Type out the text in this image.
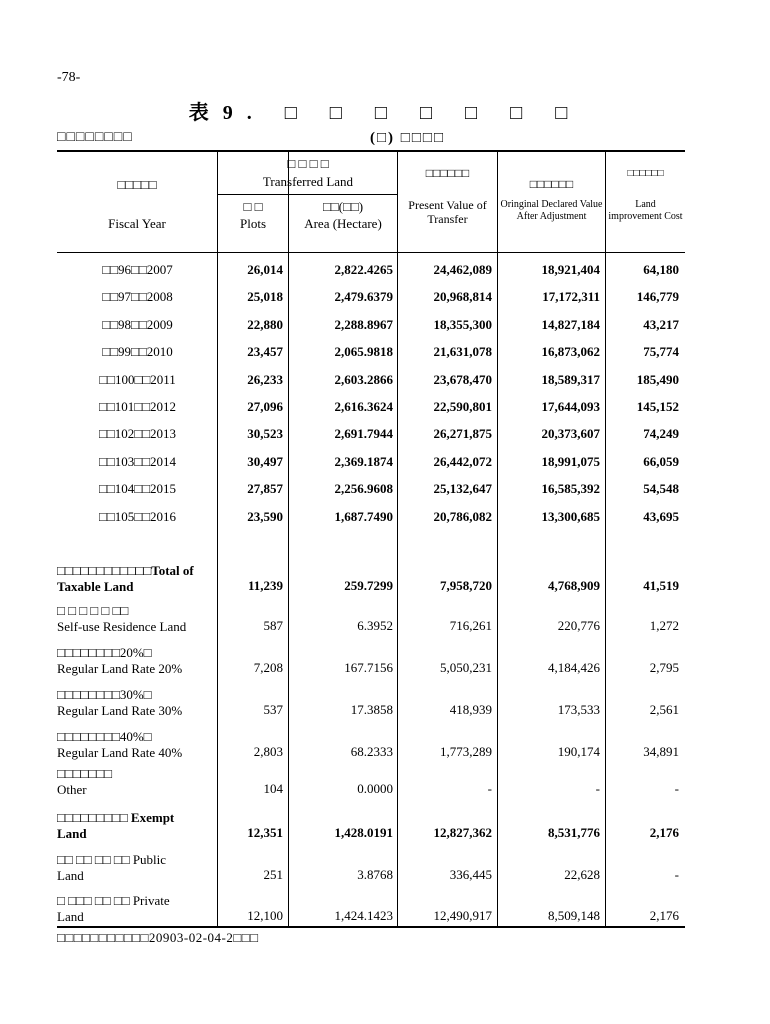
-78-
表9. □ □ □ □ □ □ □
□□□□□□□□	(□) □□□□
□□□□□
Fiscal Year
□ □ □ □
Transferred Land
□ □
Plots
□□(□□)
Area (Hectare)
□□□□□□
Present Value of Transfer
□□□□□□
Oringinal Declared Value After Adjustment
□□□□□□
Land improvement Cost
□□96□□2007	26,014	2,822.4265	24,462,089	18,921,404	64,180
□□97□□2008	25,018	2,479.6379	20,968,814	17,172,311	146,779
□□98□□2009	22,880	2,288.8967	18,355,300	14,827,184	43,217
□□99□□2010	23,457	2,065.9818	21,631,078	16,873,062	75,774
□□100□□2011	26,233	2,603.2866	23,678,470	18,589,317	185,490
□□101□□2012	27,096	2,616.3624	22,590,801	17,644,093	145,152
□□102□□2013	30,523	2,691.7944	26,271,875	20,373,607	74,249
□□103□□2014	30,497	2,369.1874	26,442,072	18,991,075	66,059
□□104□□2015	27,857	2,256.9608	25,132,647	16,585,392	54,548
□□105□□2016	23,590	1,687.7490	20,786,082	13,300,685	43,695
□□□□□□□□□□□□Total of
Taxable Land	11,239	259.7299	7,958,720	4,768,909	41,519
□ □ □ □ □ □□
Self-use Residence Land	587	6.3952	716,261	220,776	1,272
□□□□□□□□20%□
Regular Land Rate 20%	7,208	167.7156	5,050,231	4,184,426	2,795
□□□□□□□□30%□
Regular Land Rate 30%	537	17.3858	418,939	173,533	2,561
□□□□□□□□40%□
Regular Land Rate 40%	2,803	68.2333	1,773,289	190,174	34,891
□□□□□□□
Other	104	0.0000	-	-	-
□□□□□□□□□ Exempt
Land	12,351	1,428.0191	12,827,362	8,531,776	2,176
□□ □□ □□ □□ Public
Land	251	3.8768	336,445	22,628	-
□ □□□ □□ □□ Private
Land	12,100	1,424.1423	12,490,917	8,509,148	2,176
□□□□□□□□□□□20903-02-04-2□□□
